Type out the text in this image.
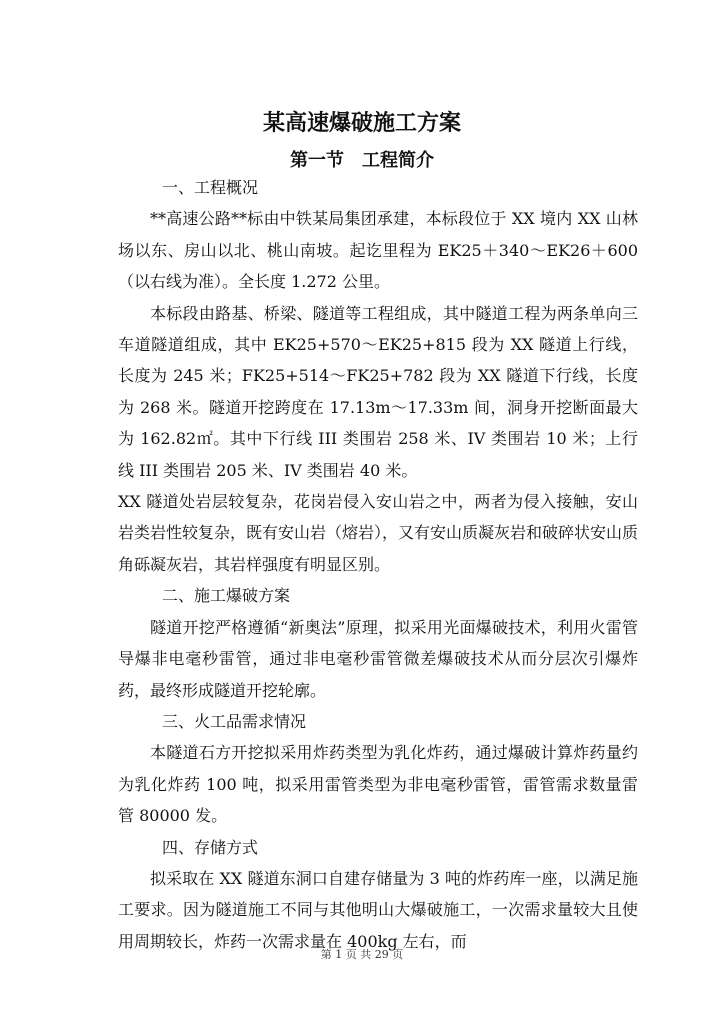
某高速爆破施工方案
第一节　工程简介
一、工程概况

**高速公路**标由中铁某局集团承建，本标段位于 XX 境内 XX 山林场以东、房山以北、桃山南坡。起讫里程为 EK25＋340～EK26＋600（以右线为准）。全长度 1.272 公里。

本标段由路基、桥梁、隧道等工程组成，其中隧道工程为两条单向三车道隧道组成，其中 EK25+570～EK25+815 段为 XX 隧道上行线，长度为 245 米；FK25+514～FK25+782 段为 XX 隧道下行线，长度为 268 米。隧道开挖跨度在 17.13m～17.33m 间，洞身开挖断面最大为 162.82㎡。其中下行线 III 类围岩 258 米、IV 类围岩 10 米；上行线 III 类围岩 205 米、IV 类围岩 40 米。

XX 隧道处岩层较复杂，花岗岩侵入安山岩之中，两者为侵入接触，安山岩类岩性较复杂，既有安山岩（熔岩），又有安山质凝灰岩和破碎状安山质角砾凝灰岩，其岩样强度有明显区别。

二、施工爆破方案

隧道开挖严格遵循“新奥法”原理，拟采用光面爆破技术，利用火雷管导爆非电毫秒雷管，通过非电毫秒雷管微差爆破技术从而分层次引爆炸药，最终形成隧道开挖轮廓。

三、火工品需求情况

本隧道石方开挖拟采用炸药类型为乳化炸药，通过爆破计算炸药量约为乳化炸药 100 吨，拟采用雷管类型为非电毫秒雷管，雷管需求数量雷管 80000 发。

四、存储方式

拟采取在 XX 隧道东洞口自建存储量为 3 吨的炸药库一座，以满足施工要求。因为隧道施工不同与其他明山大爆破施工，一次需求量较大且使用周期较长，炸药一次需求量在 400kg 左右，而

第 1 页 共 29 页
